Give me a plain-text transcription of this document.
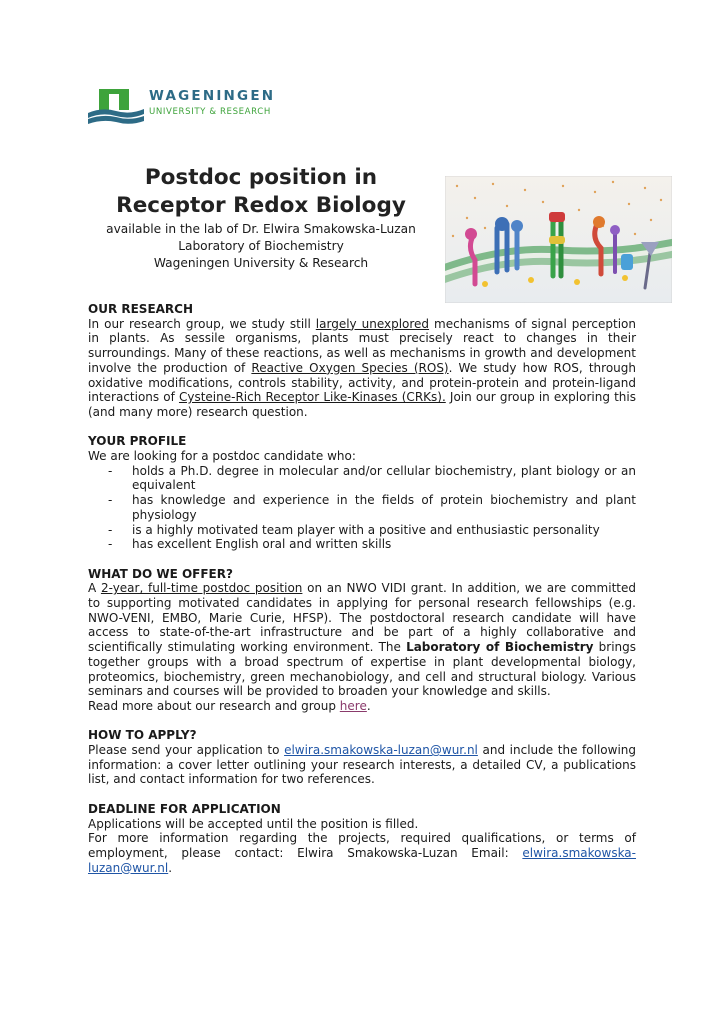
WAGENINGEN
UNIVERSITY & RESEARCH
Postdoc position in
Receptor Redox Biology
available in the lab of Dr. Elwira Smakowska-Luzan
Laboratory of Biochemistry
Wageningen University & Research
OUR RESEARCH

In our research group, we study still largely unexplored mechanisms of signal perception in plants. As sessile organisms, plants must precisely react to changes in their surroundings. Many of these reactions, as well as mechanisms in growth and development involve the production of Reactive Oxygen Species (ROS). We study how ROS, through oxidative modifications, controls stability, activity, and protein-protein and protein-ligand interactions of Cysteine-Rich Receptor Like-Kinases (CRKs). Join our group in exploring this (and many more) research question.

YOUR PROFILE

We are looking for a postdoc candidate who:

- holds a Ph.D. degree in molecular and/or cellular biochemistry, plant biology or an equivalent
- has knowledge and experience in the fields of protein biochemistry and plant physiology
- is a highly motivated team player with a positive and enthusiastic personality
- has excellent English oral and written skills
WHAT DO WE OFFER?

A 2-year, full-time postdoc position on an NWO VIDI grant. In addition, we are committed to supporting motivated candidates in applying for personal research fellowships (e.g. NWO-VENI, EMBO, Marie Curie, HFSP). The postdoctoral research candidate will have access to state-of-the-art infrastructure and be part of a highly collaborative and scientifically stimulating working environment. The Laboratory of Biochemistry brings together groups with a broad spectrum of expertise in plant developmental biology, proteomics, biochemistry, green mechanobiology, and cell and structural biology. Various seminars and courses will be provided to broaden your knowledge and skills.

Read more about our research and group here.

HOW TO APPLY?

Please send your application to elwira.smakowska-luzan@wur.nl and include the following information: a cover letter outlining your research interests, a detailed CV, a publications list, and contact information for two references.

DEADLINE FOR APPLICATION

Applications will be accepted until the position is filled.

For more information regarding the projects, required qualifications, or terms of employment, please contact: Elwira Smakowska-Luzan Email: elwira.smakowska-luzan@wur.nl.
